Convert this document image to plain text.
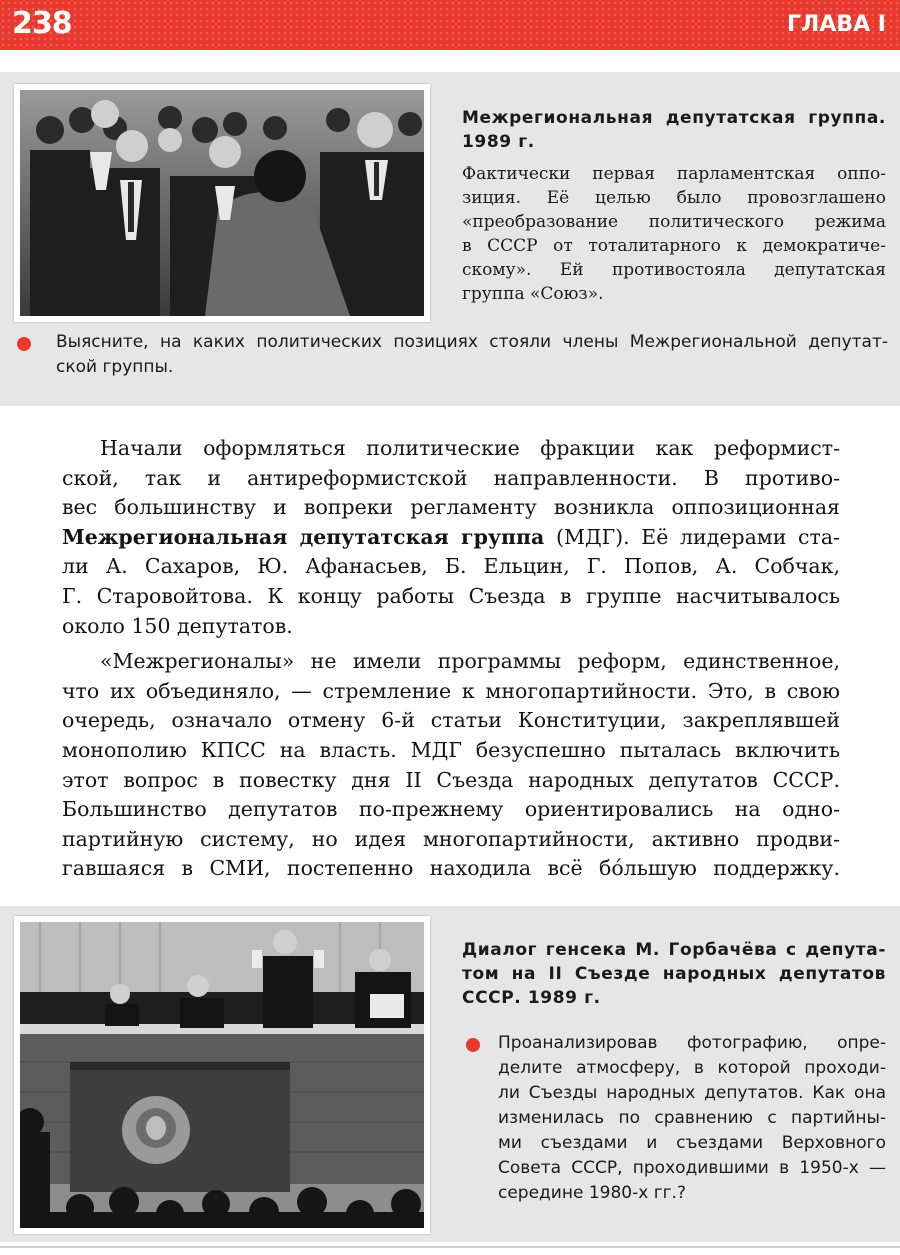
238	ГЛАВА I
Межрегиональная депутатская группа.
1989 г.
Фактически первая парламентская оппо-
зиция. Её целью было провозглашено
«преобразование политического режима
в СССР от тоталитарного к демократиче-
скому». Ей противостояла депутатская
группа «Союз».
Выясните, на каких политических позициях стояли члены Межрегиональной депутат-
ской группы.

Начали оформляться политические фракции как реформист-
ской, так и антиреформистской направленности. В противо-
вес большинству и вопреки регламенту возникла оппозиционная
Межрегиональная депутатская группа (МДГ). Её лидерами ста-
ли А. Сахаров, Ю. Афанасьев, Б. Ельцин, Г. Попов, А. Собчак,
Г. Старовойтова. К концу работы Съезда в группе насчитывалось
около 150 депутатов.

«Межрегионалы» не имели программы реформ, единственное,
что их объединяло, — стремление к многопартийности. Это, в свою
очередь, означало отмену 6-й статьи Конституции, закреплявшей
монополию КПСС на власть. МДГ безуспешно пыталась включить
этот вопрос в повестку дня II Съезда народных депутатов СССР.
Большинство депутатов по-прежнему ориентировались на одно-
партийную систему, но идея многопартийности, активно продви-
гавшаяся в СМИ, постепенно находила всё бóльшую поддержку.

Диалог генсека М. Горбачёва с депута-
том на II Съезде народных депутатов
СССР. 1989 г.
Проанализировав фотографию, опре-
делите атмосферу, в которой проходи-
ли Съезды народных депутатов. Как она
изменилась по сравнению с партийны-
ми съездами и съездами Верховного
Совета СССР, проходившими в 1950-х —
середине 1980-х гг.?
